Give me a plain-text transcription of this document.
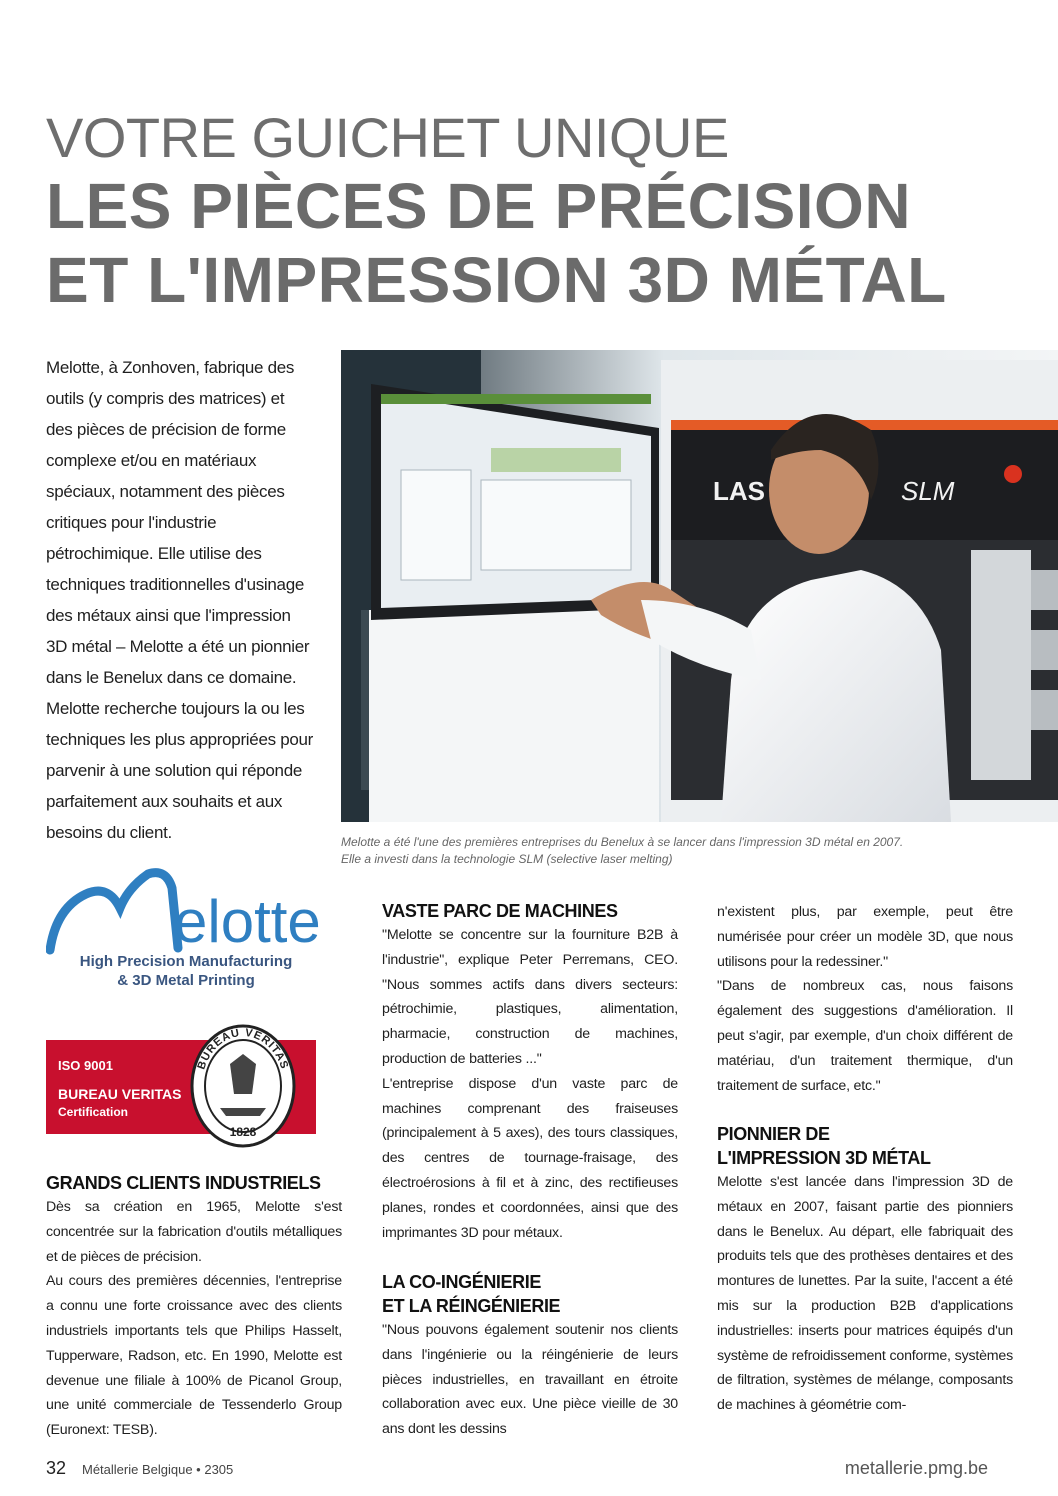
VOTRE GUICHET UNIQUE
LES PIÈCES DE PRÉCISION
ET L'IMPRESSION 3D MÉTAL

Melotte, à Zonhoven, fabrique des outils (y compris des matrices) et des pièces de précision de forme complexe et/ou en matériaux spéciaux, notamment des pièces critiques pour l'industrie pétrochimique. Elle utilise des techniques traditionnelles d'usinage des métaux ainsi que l'impression 3D métal – Melotte a été un pionnier dans le Benelux dans ce domaine. Melotte recherche toujours la ou les techniques les plus appropriées pour parvenir à une solution qui réponde parfaitement aux souhaits et aux besoins du client.

LAS	SLM

Melotte a été l'une des premières entreprises du Benelux à se lancer dans l'impression 3D métal en 2007.
Elle a investi dans la technologie SLM (selective laser melting)

elotte

High Precision Manufacturing
& 3D Metal Printing

ISO 9001
BUREAU VERITAS
Certification
BUREAU VERITAS
1828
GRANDS CLIENTS INDUSTRIELS

Dès sa création en 1965, Melotte s'est concentrée sur la fabrication d'outils métalliques et de pièces de précision.

Au cours des premières décennies, l'entreprise a connu une forte croissance avec des clients industriels importants tels que Philips Hasselt, Tupperware, Radson, etc. En 1990, Melotte est devenue une filiale à 100% de Picanol Group, une unité commerciale de Tessenderlo Group (Euronext: TESB).

VASTE PARC DE MACHINES

"Melotte se concentre sur la fourniture B2B à l'industrie", explique Peter Perremans, CEO. "Nous sommes actifs dans divers secteurs: pétrochimie, plastiques, alimentation, pharmacie, construction de machines, production de batteries ..."

L'entreprise dispose d'un vaste parc de machines comprenant des fraiseuses (principalement à 5 axes), des tours classiques, des centres de tournage-fraisage, des électroérosions à fil et à zinc, des rectifieuses planes, rondes et coordonnées, ainsi que des imprimantes 3D pour métaux.

LA CO-INGÉNIERIE
ET LA RÉINGÉNIERIE

"Nous pouvons également soutenir nos clients dans l'ingénierie ou la réingénierie de leurs pièces industrielles, en travaillant en étroite collaboration avec eux. Une pièce vieille de 30 ans dont les dessins

n'existent plus, par exemple, peut être numérisée pour créer un modèle 3D, que nous utilisons pour la redessiner."

"Dans de nombreux cas, nous faisons également des suggestions d'amélioration. Il peut s'agir, par exemple, d'un choix différent de matériau, d'un traitement thermique, d'un traitement de surface, etc."

PIONNIER DE
L'IMPRESSION 3D MÉTAL

Melotte s'est lancée dans l'impression 3D de métaux en 2007, faisant partie des pionniers dans le Benelux. Au départ, elle fabriquait des produits tels que des prothèses dentaires et des montures de lunettes. Par la suite, l'accent a été mis sur la production B2B d'applications industrielles: inserts pour matrices équipés d'un système de refroidissement conforme, systèmes de filtration, systèmes de mélange, composants de machines à géométrie com-

32 Métallerie Belgique • 2305	metallerie.pmg.be
